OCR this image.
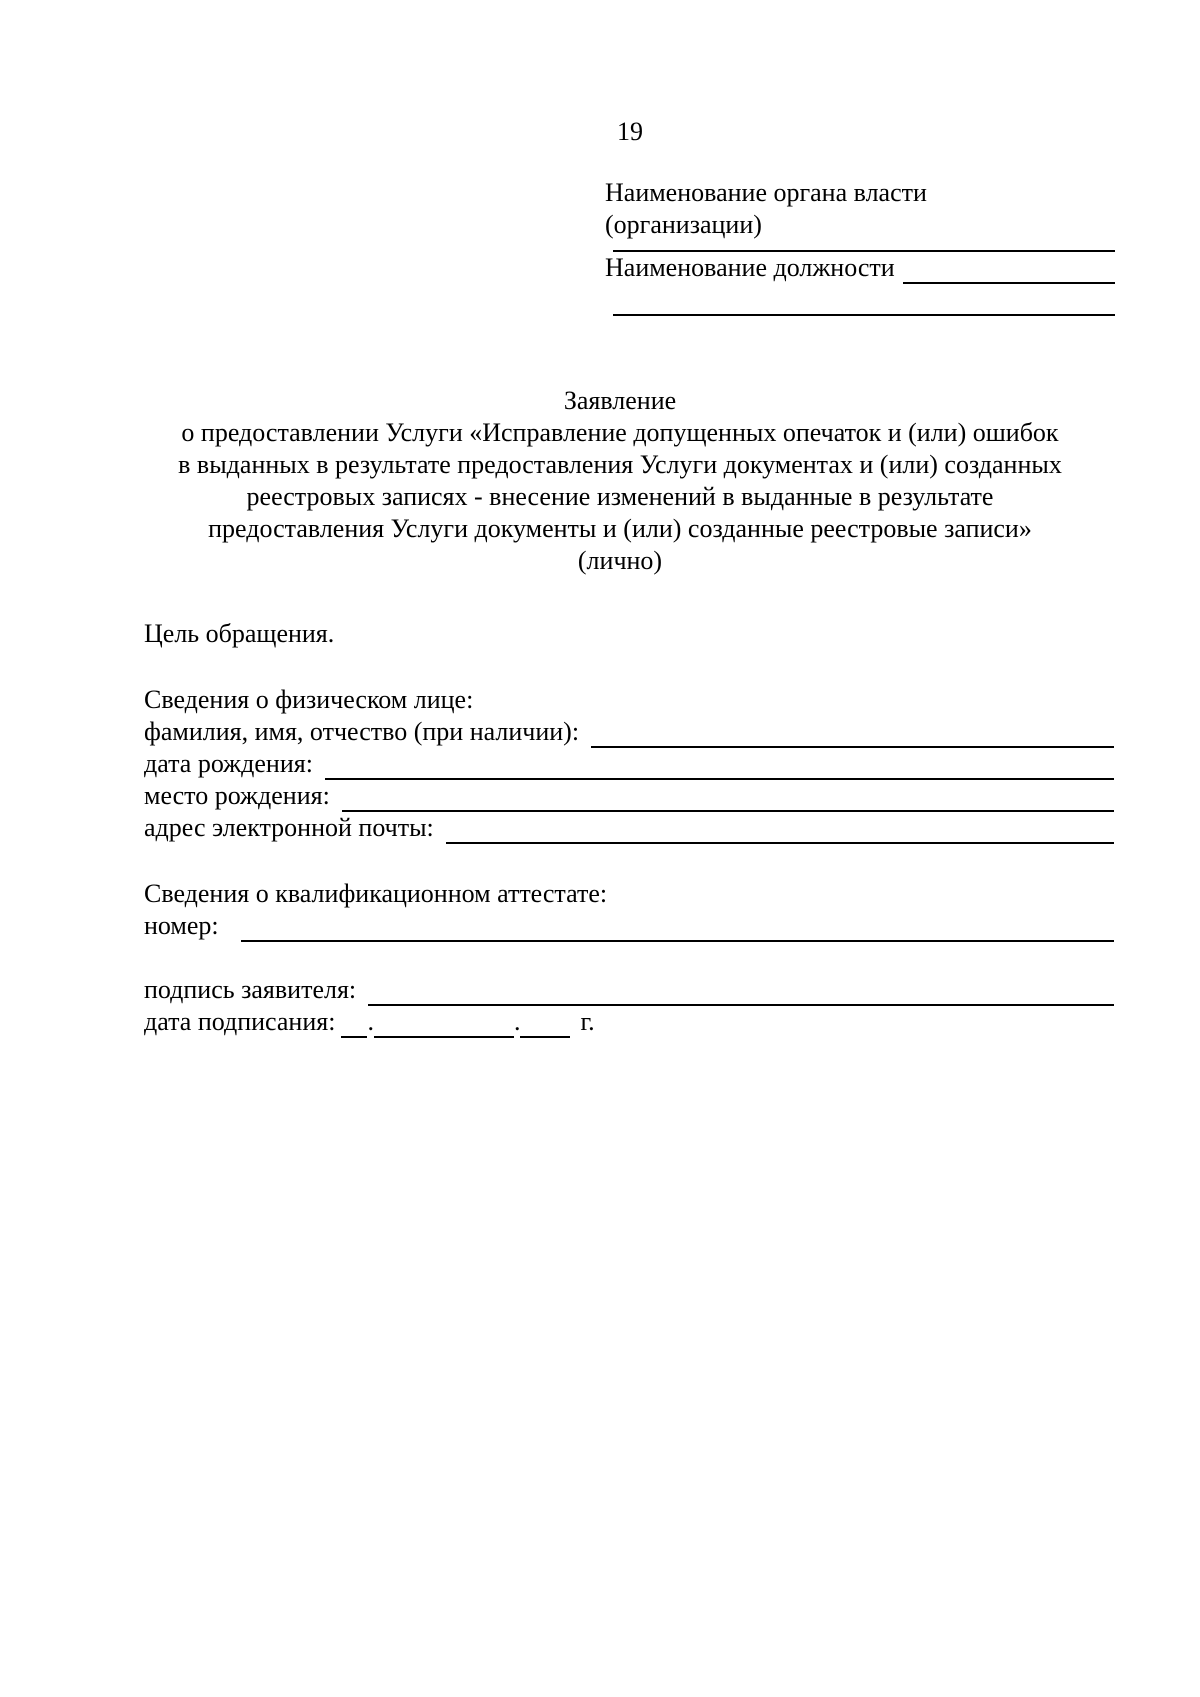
19
Наименование органа власти
(организации)
Наименование должности
Заявление
о предоставлении Услуги «Исправление допущенных опечаток и (или) ошибок
в выданных в результате предоставления Услуги документах и (или) созданных
реестровых записях - внесение изменений в выданные в результате
предоставления Услуги документы и (или) созданные реестровые записи»
(лично)
Цель обращения.
Сведения о физическом лице:
фамилия, имя, отчество (при наличии):
дата рождения:
место рождения:
адрес электронной почты:
Сведения о квалификационном аттестате:
номер:
подпись заявителя:
дата подписания: .	. г.
